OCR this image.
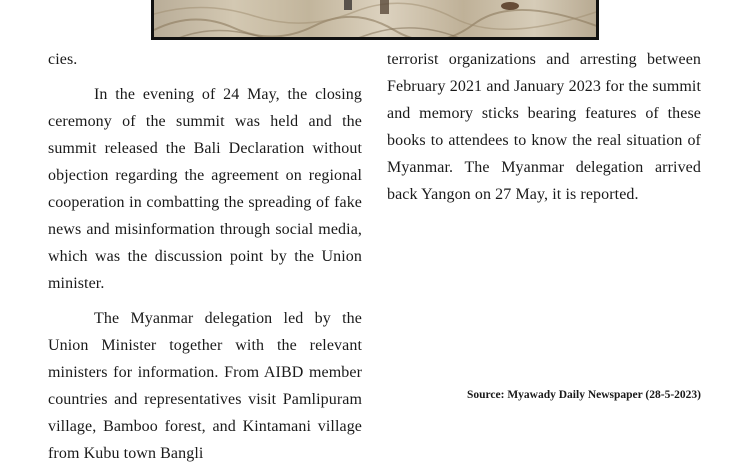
cies.

In the evening of 24 May, the closing ceremony of the summit was held and the summit released the Bali Declaration without objection regarding the agreement on regional cooperation in combatting the spreading of fake news and misinformation through social media, which was the discussion point by the Union minister.

The Myanmar delegation led by the Union Minister together with the relevant ministers for information. From AIBD member countries and representatives visit Pamlipuram village, Bamboo forest, and Kintamani village from Kubu town Bangli

terrorist organizations and arresting between February 2021 and January 2023 for the summit and memory sticks bearing features of these books to attendees to know the real situation of Myanmar. The Myanmar delegation arrived back Yangon on 27 May, it is reported.

Source: Myawady Daily Newspaper (28-5-2023)
